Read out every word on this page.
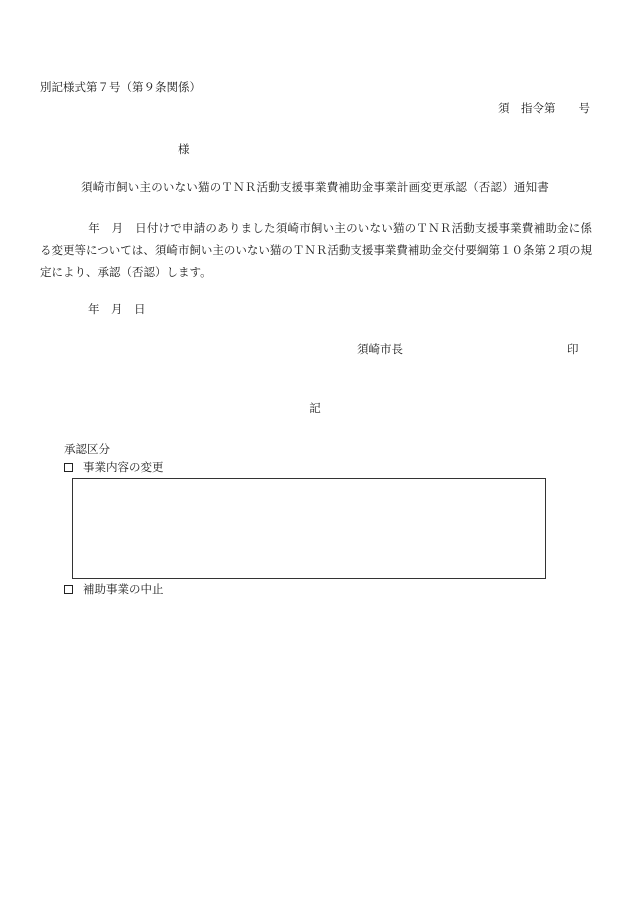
別記様式第７号（第９条関係）
須　指令第　　号
様
須崎市飼い主のいない猫のＴＮＲ活動支援事業費補助金事業計画変更承認（否認）通知書
年　月　日付けで申請のありました須崎市飼い主のいない猫のＴＮＲ活動支援事業費補助金に係る変更等については、須崎市飼い主のいない猫のＴＮＲ活動支援事業費補助金交付要綱第１０条第２項の規定により、承認（否認）します。
年　月　日
須崎市長	印
記
承認区分
事業内容の変更
補助事業の中止
